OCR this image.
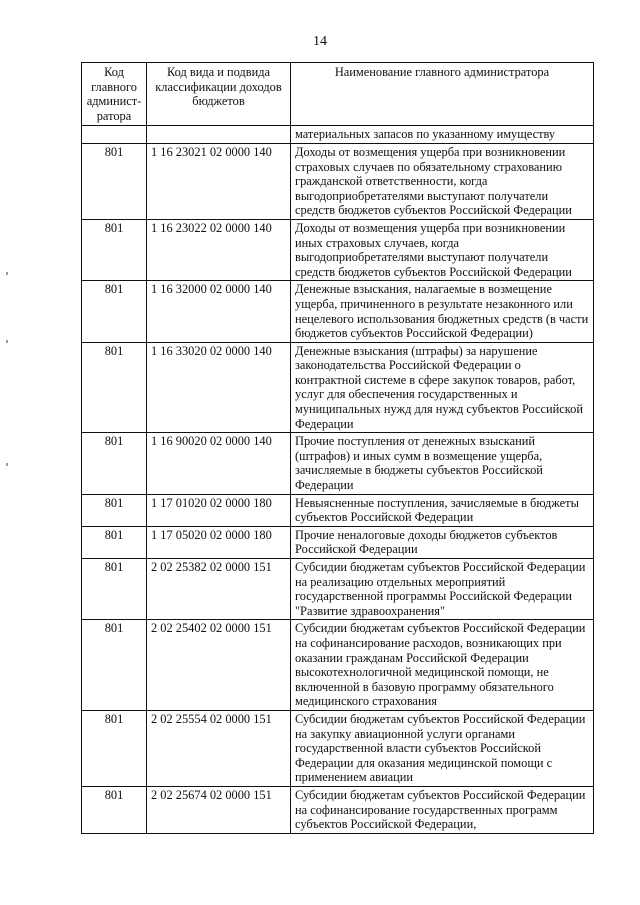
14
Код главного админист-ратора	Код вида и подвида классификации доходов бюджетов	Наименование главного администратора
		материальных запасов по указанному имуществу
801	1 16 23021 02 0000 140	Доходы от возмещения ущерба при возникновении страховых случаев по обязательному страхованию гражданской ответственности, когда выгодоприобретателями выступают получатели средств бюджетов субъектов Российской Федерации
801	1 16 23022 02 0000 140	Доходы от возмещения ущерба при возникновении иных страховых случаев, когда выгодоприобретателями выступают получатели средств бюджетов субъектов Российской Федерации
801	1 16 32000 02 0000 140	Денежные взыскания, налагаемые в возмещение ущерба, причиненного в результате незаконного или нецелевого использования бюджетных средств (в части бюджетов субъектов Российской Федерации)
801	1 16 33020 02 0000 140	Денежные взыскания (штрафы) за нарушение законодательства Российской Федерации о контрактной системе в сфере закупок товаров, работ, услуг для обеспечения государственных и муниципальных нужд для нужд субъектов Российской Федерации
801	1 16 90020 02 0000 140	Прочие поступления от денежных взысканий (штрафов) и иных сумм в возмещение ущерба, зачисляемые в бюджеты субъектов Российской Федерации
801	1 17 01020 02 0000 180	Невыясненные поступления, зачисляемые в бюджеты субъектов Российской Федерации
801	1 17 05020 02 0000 180	Прочие неналоговые доходы бюджетов субъектов Российской Федерации
801	2 02 25382 02 0000 151	Субсидии бюджетам субъектов Российской Федерации на реализацию отдельных мероприятий государственной программы Российской Федерации "Развитие здравоохранения"
801	2 02 25402 02 0000 151	Субсидии бюджетам субъектов Российской Федерации на софинансирование расходов, возникающих при оказании гражданам Российской Федерации высокотехнологичной медицинской помощи, не включенной в базовую программу обязательного медицинского страхования
801	2 02 25554 02 0000 151	Субсидии бюджетам субъектов Российской Федерации на закупку авиационной услуги органами государственной власти субъектов Российской Федерации для оказания медицинской помощи с применением авиации
801	2 02 25674 02 0000 151	Субсидии бюджетам субъектов Российской Федерации на софинансирование государственных программ субъектов Российской Федерации,
